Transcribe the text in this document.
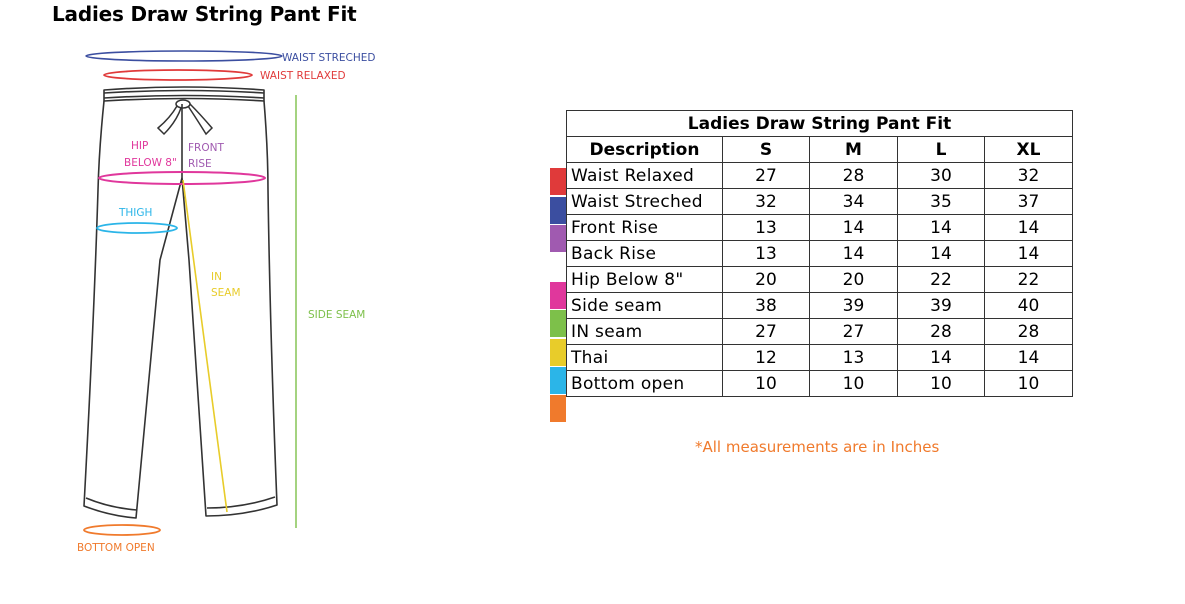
Ladies Draw String Pant Fit
WAIST STRECHED
WAIST RELAXED
HIP
BELOW 8"
FRONT
RISE
THIGH
IN
SEAM
SIDE SEAM
BOTTOM OPEN
Ladies Draw String Pant Fit				
Description	S	M	L	XL
Waist Relaxed	27	28	30	32
Waist Streched	32	34	35	37
Front Rise	13	14	14	14
Back Rise	13	14	14	14
Hip Below 8"	20	20	22	22
Side seam	38	39	39	40
IN seam	27	27	28	28
Thai	12	13	14	14
Bottom open	10	10	10	10
*All measurements are in Inches
